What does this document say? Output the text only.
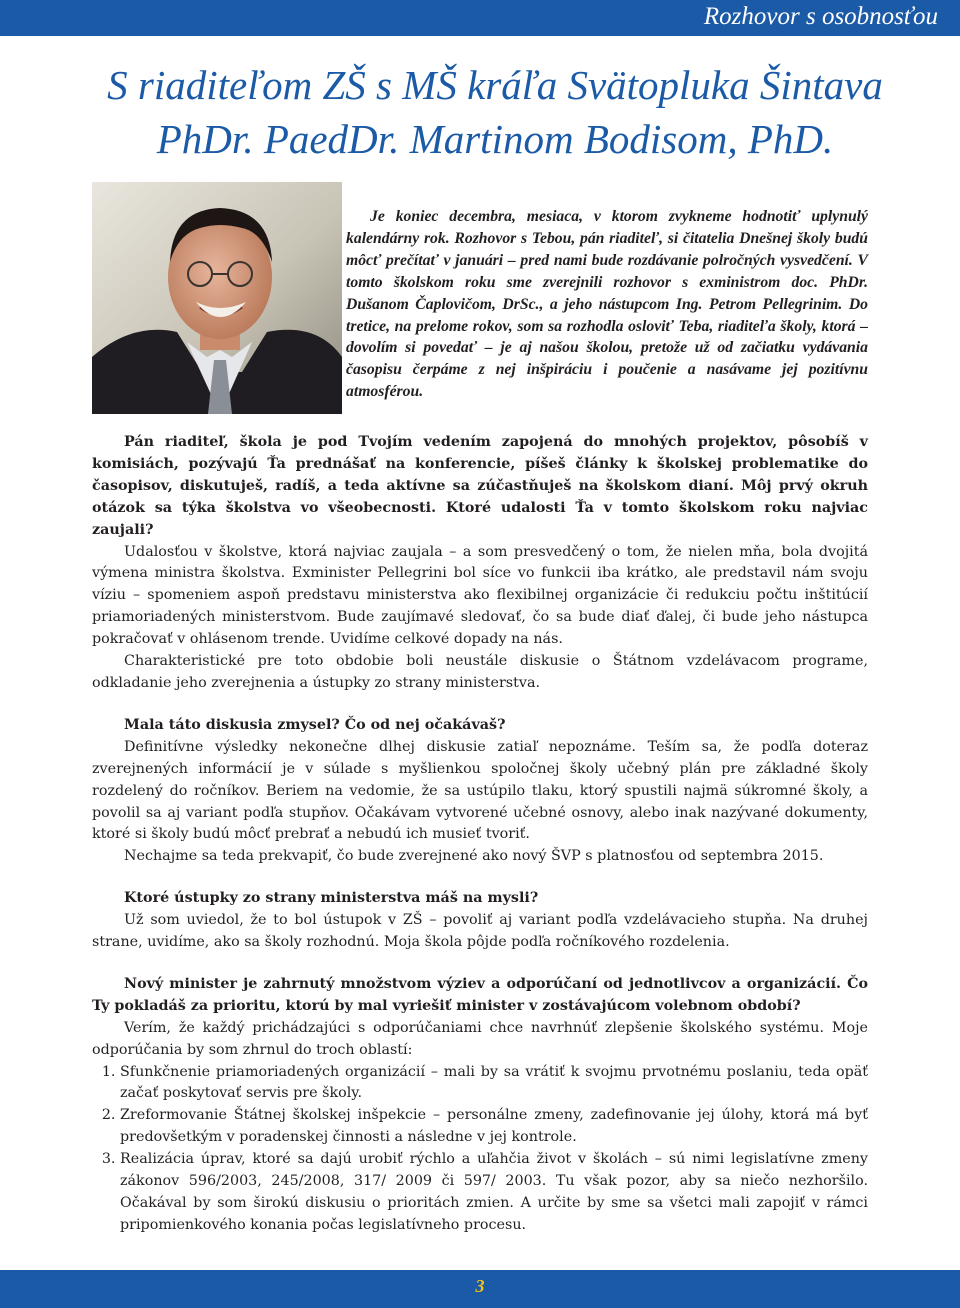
Rozhovor s osobnosťou
S riaditeľom ZŠ s MŠ kráľa Svätopluka Šintava
PhDr. PaedDr. Martinom Bodisom, PhD.
Je koniec decembra, mesiaca, v ktorom zvykneme hodnotiť uplynulý kalendárny rok. Rozhovor s Tebou, pán riaditeľ, si čitatelia Dnešnej školy budú môcť prečítať v januári – pred nami bude rozdávanie polročných vysvedčení. V tomto školskom roku sme zverejnili rozhovor s exministrom doc. PhDr. Dušanom Čaplovičom, DrSc., a jeho nástupcom Ing. Petrom Pellegrinim. Do tretice, na prelome rokov, som sa rozhodla osloviť Teba, riaditeľa školy, ktorá – dovolím si povedať – je aj našou školou, pretože už od začiatku vydávania časopisu čerpáme z nej inšpiráciu i poučenie a nasávame jej pozitívnu atmosférou.

Pán riaditeľ, škola je pod Tvojím vedením zapojená do mnohých projektov, pôsobíš v komisiách, pozývajú Ťa prednášať na konferencie, píšeš články k školskej problematike do časopisov, diskutuješ, radíš, a teda aktívne sa zúčastňuješ na školskom dianí. Môj prvý okruh otázok sa týka školstva vo všeobecnosti. Ktoré udalosti Ťa v tomto školskom roku najviac zaujali?

Udalosťou v školstve, ktorá najviac zaujala – a som presvedčený o tom, že nielen mňa, bola dvojitá výmena ministra školstva. Exminister Pellegrini bol síce vo funkcii iba krátko, ale predstavil nám svoju víziu – spomeniem aspoň predstavu ministerstva ako flexibilnej organizácie či redukciu počtu inštitúcií priamoriadených ministerstvom. Bude zaujímavé sledovať, čo sa bude diať ďalej, či bude jeho nástupca pokračovať v ohlásenom trende. Uvidíme celkové dopady na nás.

Charakteristické pre toto obdobie boli neustále diskusie o Štátnom vzdelávacom programe, odkladanie jeho zverejnenia a ústupky zo strany ministerstva.

Mala táto diskusia zmysel? Čo od nej očakávaš?

Definitívne výsledky nekonečne dlhej diskusie zatiaľ nepoznáme. Teším sa, že podľa doteraz zverejnených informácií je v súlade s myšlienkou spoločnej školy učebný plán pre základné školy rozdelený do ročníkov. Beriem na vedomie, že sa ustúpilo tlaku, ktorý spustili najmä súkromné školy, a povolil sa aj variant podľa stupňov. Očakávam vytvorené učebné osnovy, alebo inak nazývané dokumenty, ktoré si školy budú môcť prebrať a nebudú ich musieť tvoriť.

Nechajme sa teda prekvapiť, čo bude zverejnené ako nový ŠVP s platnosťou od septembra 2015.

Ktoré ústupky zo strany ministerstva máš na mysli?

Už som uviedol, že to bol ústupok v ZŠ – povoliť aj variant podľa vzdelávacieho stupňa. Na druhej strane, uvidíme, ako sa školy rozhodnú. Moja škola pôjde podľa ročníkového rozdelenia.

Nový minister je zahrnutý množstvom výziev a odporúčaní od jednotlivcov a organizácií. Čo Ty pokladáš za prioritu, ktorú by mal vyriešiť minister v zostávajúcom volebnom období?

Verím, že každý prichádzajúci s odporúčaniami chce navrhnúť zlepšenie školského systému. Moje odporúčania by som zhrnul do troch oblastí:

1. Sfunkčnenie priamoriadených organizácií – mali by sa vrátiť k svojmu prvotnému poslaniu, teda opäť začať poskytovať servis pre školy.
2. Zreformovanie Štátnej školskej inšpekcie – personálne zmeny, zadefinovanie jej úlohy, ktorá má byť predovšetkým v poradenskej činnosti a následne v jej kontrole.
3. Realizácia úprav, ktoré sa dajú urobiť rýchlo a uľahčia život v školách – sú nimi legislatívne zmeny zákonov 596/2003, 245/2008, 317/ 2009 či 597/ 2003. Tu však pozor, aby sa niečo nezhoršilo. Očakával by som širokú diskusiu o prioritách zmien. A určite by sme sa všetci mali zapojiť v rámci pripomienkového konania počas legislatívneho procesu.
3
